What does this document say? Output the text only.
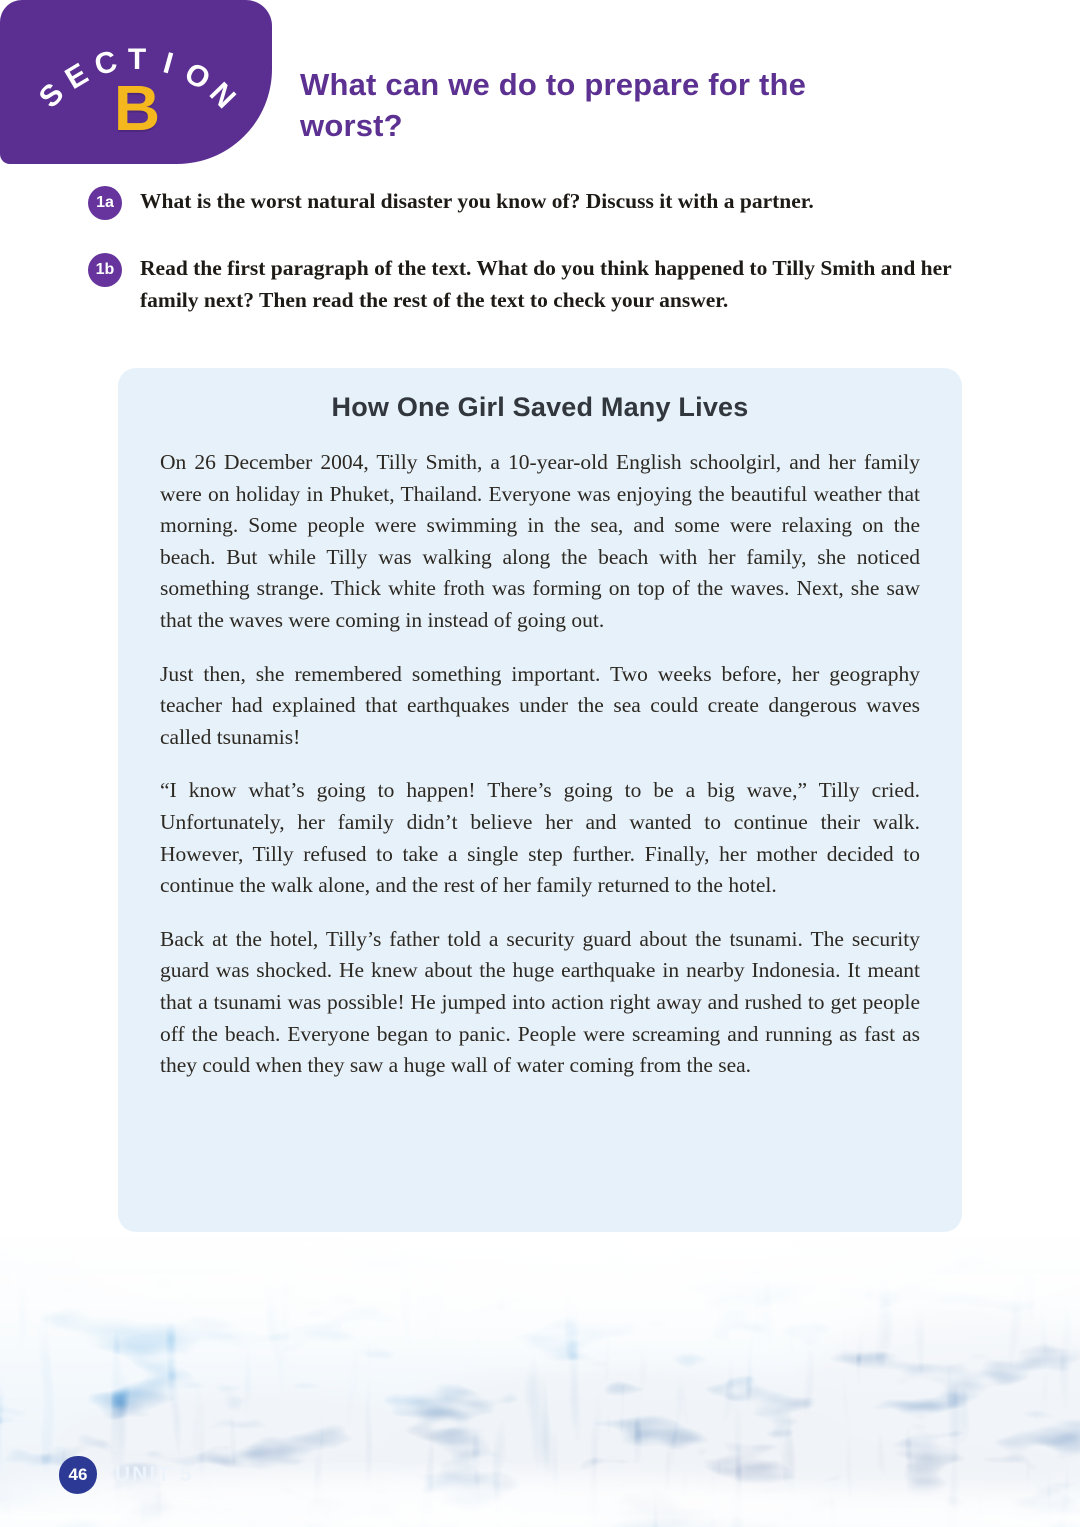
S
E
C T I O
N
B	What can we do to prepare for the worst?
1a	What is the worst natural disaster you know of? Discuss it with a partner.

1b	Read the first paragraph of the text. What do you think happened to Tilly Smith and her family next? Then read the rest of the text to check your answer.

How One Girl Saved Many Lives

On 26 December 2004, Tilly Smith, a 10-year-old English schoolgirl, and her family were on holiday in Phuket, Thailand. Everyone was enjoying the beautiful weather that morning. Some people were swimming in the sea, and some were relaxing on the beach. But while Tilly was walking along the beach with her family, she noticed something strange. Thick white froth was forming on top of the waves. Next, she saw that the waves were coming in instead of going out.

Just then, she remembered something important. Two weeks before, her geography teacher had explained that earthquakes under the sea could create dangerous waves called tsunamis!

“I know what’s going to happen! There’s going to be a big wave,” Tilly cried. Unfortunately, her family didn’t believe her and wanted to continue their walk. However, Tilly refused to take a single step further. Finally, her mother decided to continue the walk alone, and the rest of her family returned to the hotel.

Back at the hotel, Tilly’s father told a security guard about the tsunami. The security guard was shocked. He knew about the huge earthquake in nearby Indonesia. It meant that a tsunami was possible! He jumped into action right away and rushed to get people off the beach. Everyone began to panic. People were screaming and running as fast as they could when they saw a huge wall of water coming from the sea.

46	UNIT 5
